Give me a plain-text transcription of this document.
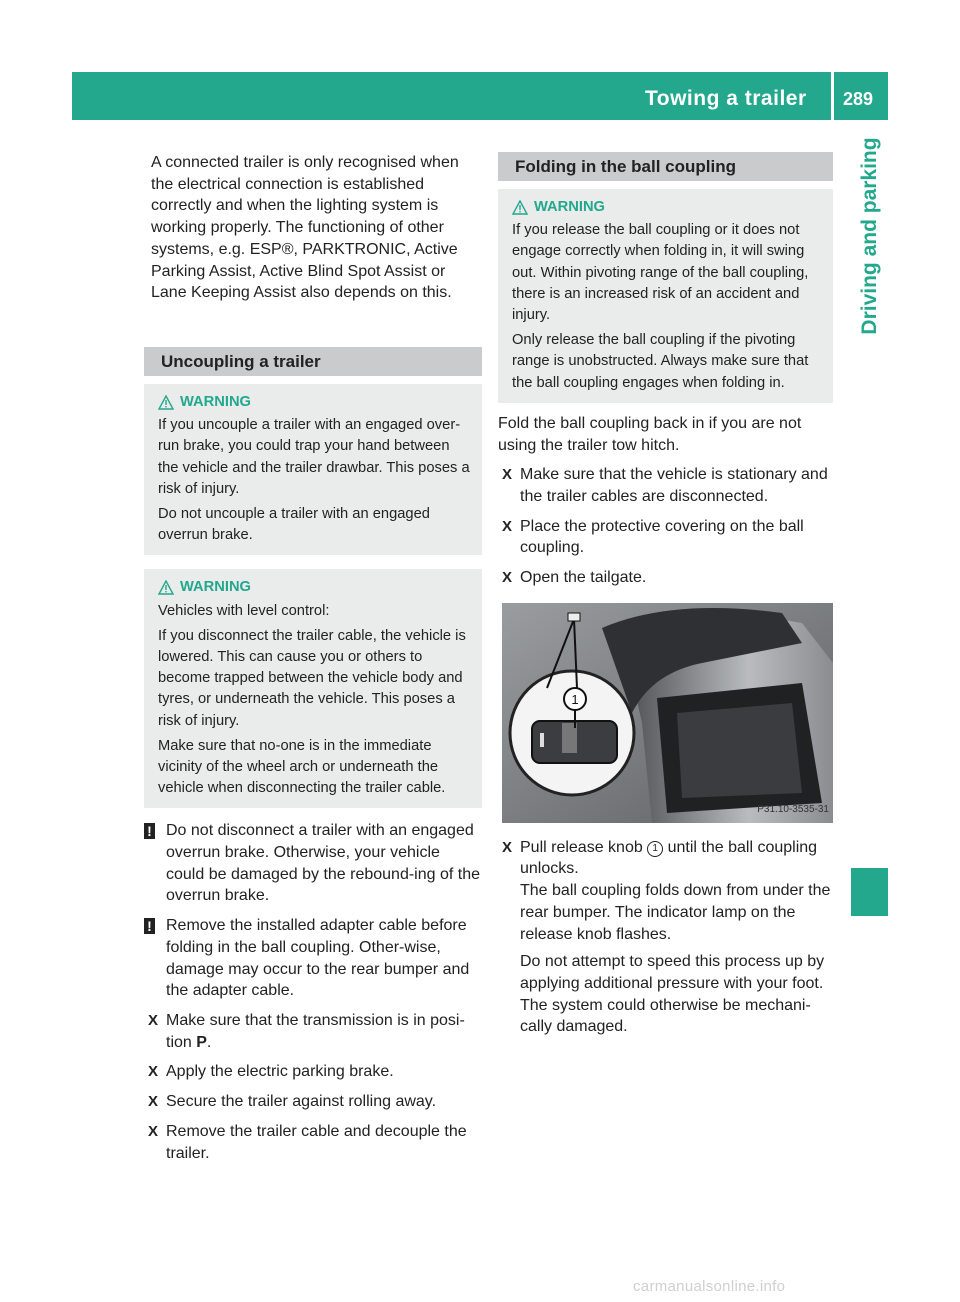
Towing a trailer 289
Driving and parking

A connected trailer is only recognised when the electrical connection is established correctly and when the lighting system is working properly. The functioning of other systems, e.g. ESP®, PARKTRONIC, Active Parking Assist, Active Blind Spot Assist or Lane Keeping Assist also depends on this.

Uncoupling a trailer
WARNING

If you uncouple a trailer with an engaged over-run brake, you could trap your hand between the vehicle and the trailer drawbar. This poses a risk of injury.

Do not uncouple a trailer with an engaged overrun brake.

WARNING

Vehicles with level control:

If you disconnect the trailer cable, the vehicle is lowered. This can cause you or others to become trapped between the vehicle body and tyres, or underneath the vehicle. This poses a risk of injury.

Make sure that no-one is in the immediate vicinity of the wheel arch or underneath the vehicle when disconnecting the trailer cable.

! Do not disconnect a trailer with an engaged overrun brake. Otherwise, your vehicle could be damaged by the rebound-ing of the overrun brake.
! Remove the installed adapter cable before folding in the ball coupling. Other-wise, damage may occur to the rear bumper and the adapter cable.
X Make sure that the transmission is in posi-tion P.
X Apply the electric parking brake.
X Secure the trailer against rolling away.
X Remove the trailer cable and decouple the trailer.
Folding in the ball coupling
WARNING

If you release the ball coupling or it does not engage correctly when folding in, it will swing out. Within pivoting range of the ball coupling, there is an increased risk of an accident and injury.

Only release the ball coupling if the pivoting range is unobstructed. Always make sure that the ball coupling engages when folding in.

Fold the ball coupling back in if you are not using the trailer tow hitch.

X Make sure that the vehicle is stationary and the trailer cables are disconnected.
X Place the protective covering on the ball coupling.
X Open the tailgate.
1
P31.10-3535-31
X Pull release knob 1 until the ball coupling unlocks.
The ball coupling folds down from under the rear bumper. The indicator lamp on the release knob flashes.
Do not attempt to speed this process up by applying additional pressure with your foot. The system could otherwise be mechani-cally damaged.
carmanualsonline.info
